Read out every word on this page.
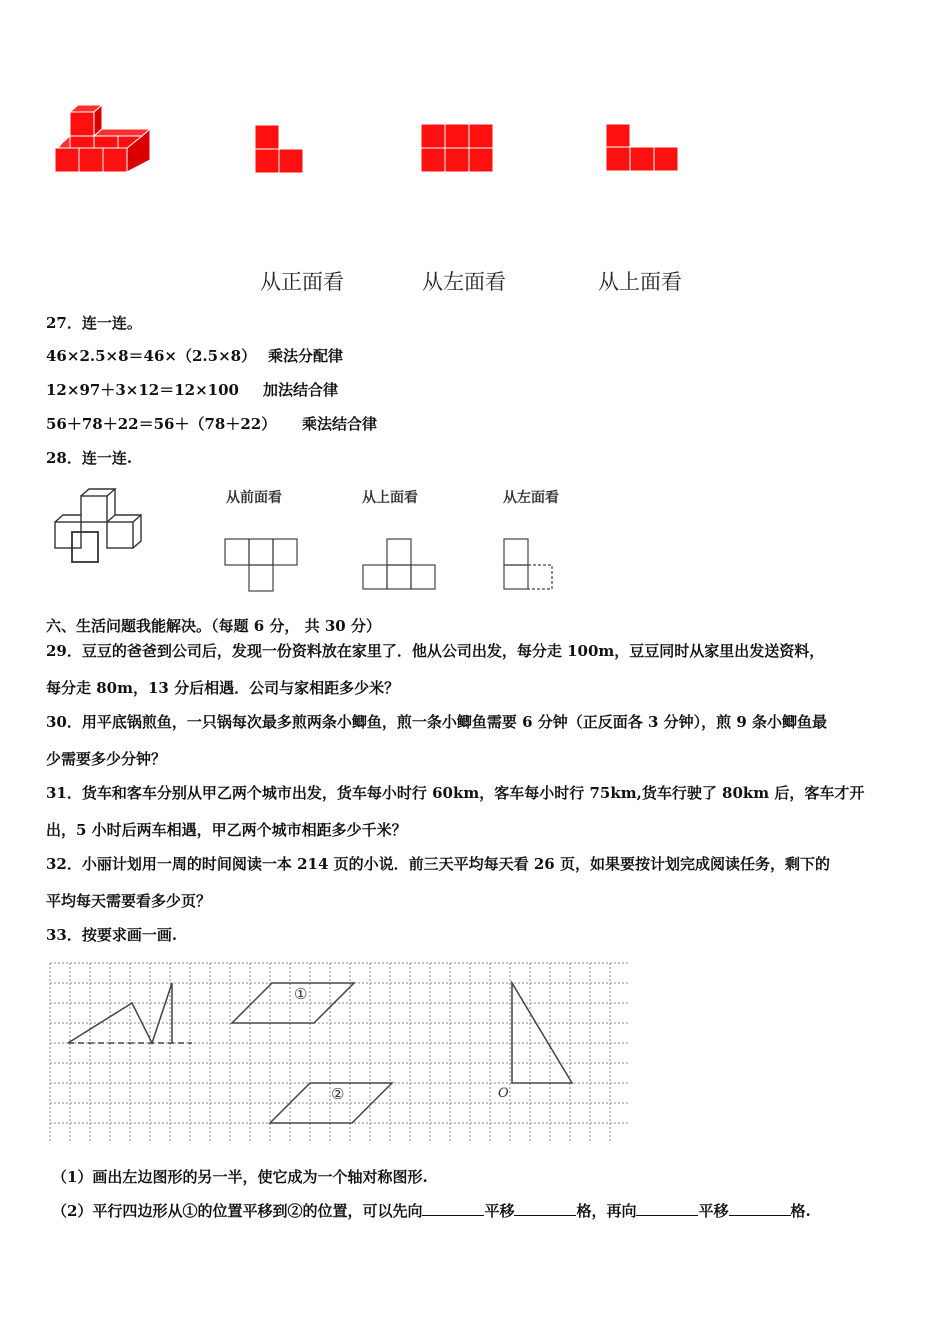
从正面看	从左面看	从上面看
27．连一连。
46×2.5×8＝46×（2.5×8） 乘法分配律
12×97＋3×12＝12×100 加法结合律
56＋78＋22＝56＋（78＋22） 乘法结合律
28．连一连.
从前面看	从上面看	从左面看
六、生活问题我能解决。（每题 6 分， 共 30 分）
29．豆豆的爸爸到公司后，发现一份资料放在家里了．他从公司出发，每分走 100m，豆豆同时从家里出发送资料，
每分走 80m，13 分后相遇．公司与家相距多少米？
30．用平底锅煎鱼，一只锅每次最多煎两条小鲫鱼，煎一条小鲫鱼需要 6 分钟（正反面各 3 分钟），煎 9 条小鲫鱼最
少需要多少分钟？
31．货车和客车分别从甲乙两个城市出发，货车每小时行 60km，客车每小时行 75km,货车行驶了 80km 后，客车才开
出，5 小时后两车相遇，甲乙两个城市相距多少千米？
32．小丽计划用一周的时间阅读一本 214 页的小说．前三天平均每天看 26 页，如果要按计划完成阅读任务，剩下的
平均每天需要看多少页？
33．按要求画一画.
①
②	O
（1）画出左边图形的另一半，使它成为一个轴对称图形.
（2）平行四边形从①的位置平移到②的位置，可以先向	平移	格，再向	平移	格.
